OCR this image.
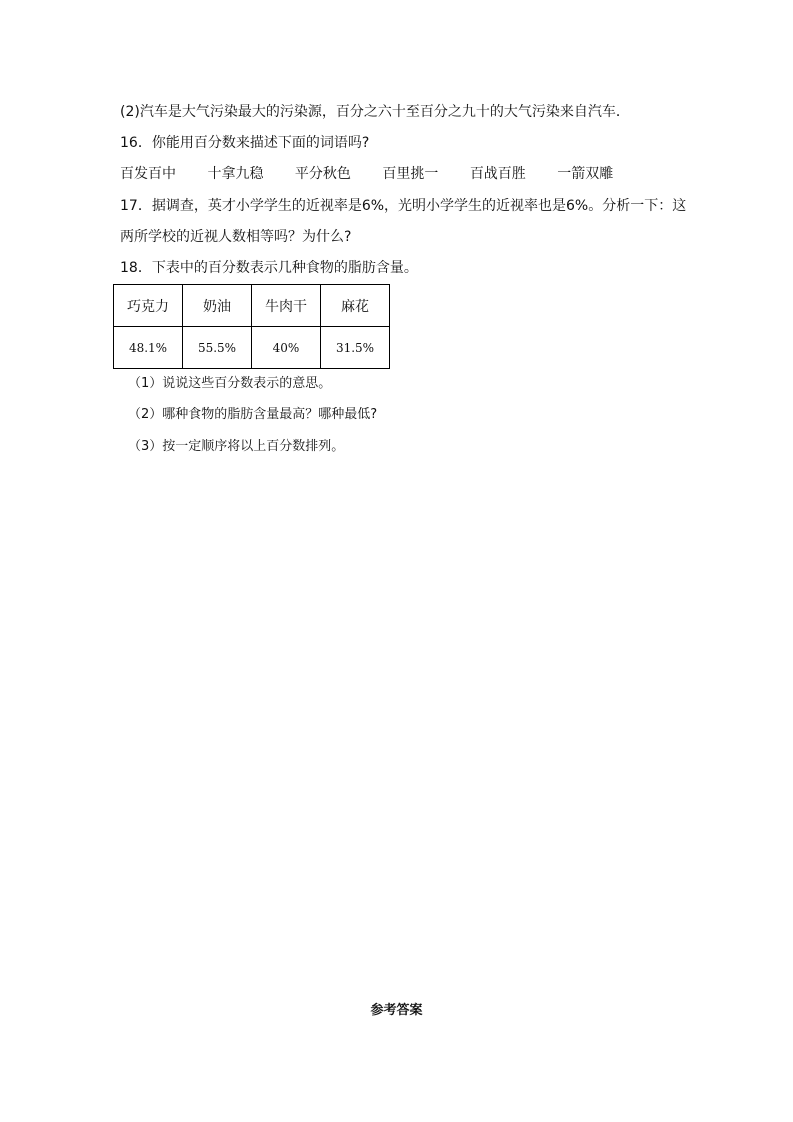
(2)汽车是大气污染最大的污染源，百分之六十至百分之九十的大气污染来自汽车．
16．你能用百分数来描述下面的词语吗?
百发百中 十拿九稳 平分秋色 百里挑一 百战百胜 一箭双雕
17．据调查，英才小学学生的近视率是6%，光明小学学生的近视率也是6%。分析一下：这
两所学校的近视人数相等吗？为什么?
18．下表中的百分数表示几种食物的脂肪含量。
巧克力	奶油	牛肉干	麻花
48.1%	55.5%	40%	31.5%
（1）说说这些百分数表示的意思。
（2）哪种食物的脂肪含量最高？哪种最低?
（3）按一定顺序将以上百分数排列。
参考答案
